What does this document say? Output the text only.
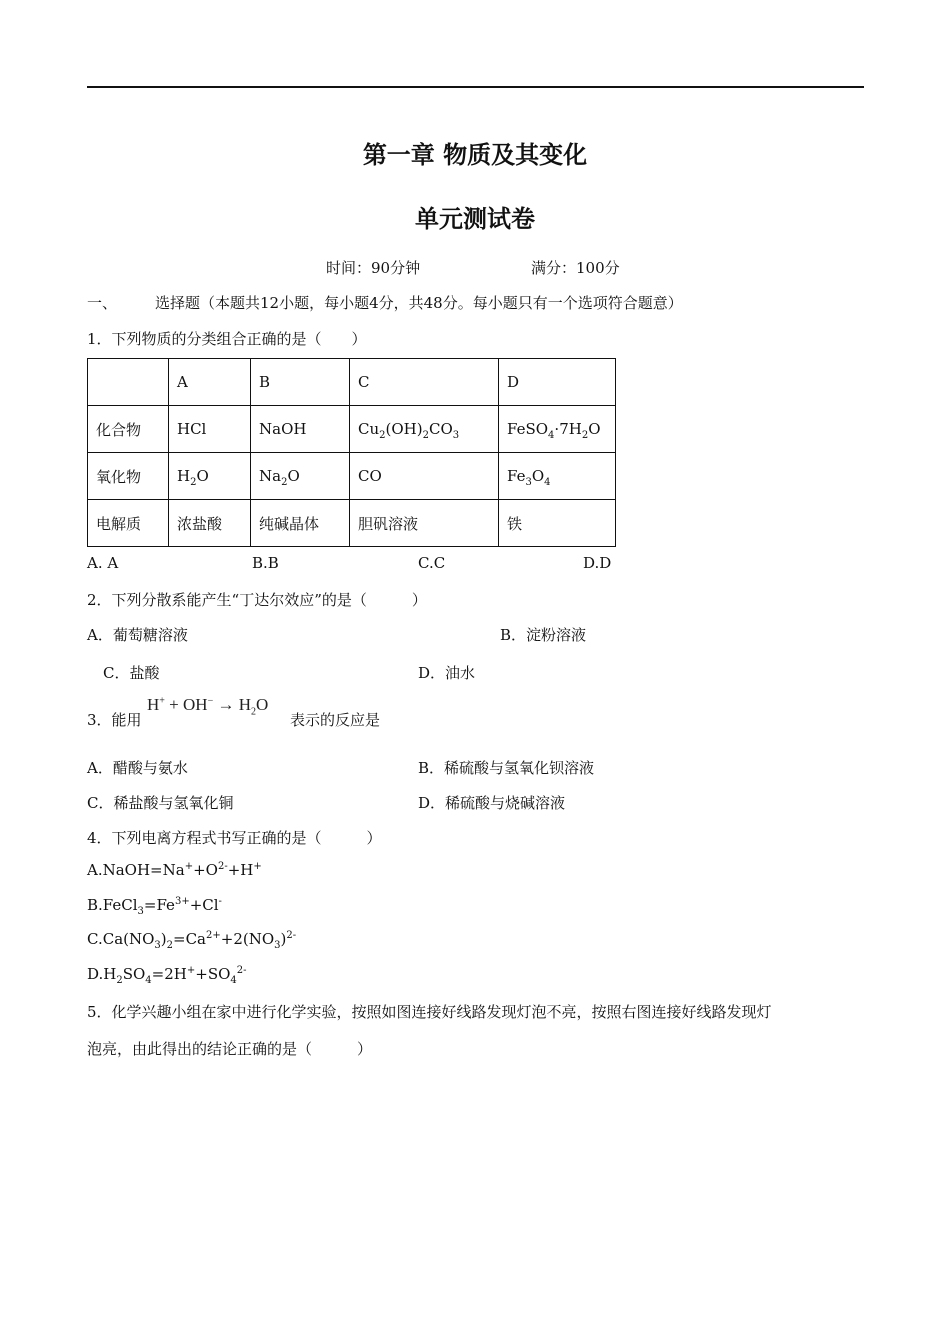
第一章 物质及其变化
单元测试卷
时间：90分钟	满分：100分
一、	选择题（本题共12小题，每小题4分，共48分。每小题只有一个选项符合题意）
1．下列物质的分类组合正确的是（　　）
	A	B	C	D
化合物	HCl	NaOH	$Cu_2(OH)_2CO_3$	$FeSO_4\cdot 7H_2O$
氧化物	$H_2O$	$Na_2O$	CO	$Fe_3O_4$
电解质	浓盐酸	纯碱晶体	胆矾溶液	铁
A. A	B.B	C.C	D.D
2．下列分散系能产生“丁达尔效应”的是（　　　）
A．葡萄糖溶液	B．淀粉溶液
C．盐酸	D．油水
3．能用
$H^+ + OH^- \to H_2O$
表示的反应是
A．醋酸与氨水	B．稀硫酸与氢氧化钡溶液
C．稀盐酸与氢氧化铜	D．稀硫酸与烧碱溶液
4．下列电离方程式书写正确的是（　　　）
$A.NaOH=Na^++O^{2-}+H^+$
$B.FeCl_3=Fe^{3+}+Cl^-$
$C.Ca(NO_3)_2=Ca^{2+}+2(NO_3)^{2-}$
$D.H_2SO_4=2H^++SO_4^{2-}$
5．化学兴趣小组在家中进行化学实验，按照如图连接好线路发现灯泡不亮，按照右图连接好线路发现灯
泡亮，由此得出的结论正确的是（　　　）
